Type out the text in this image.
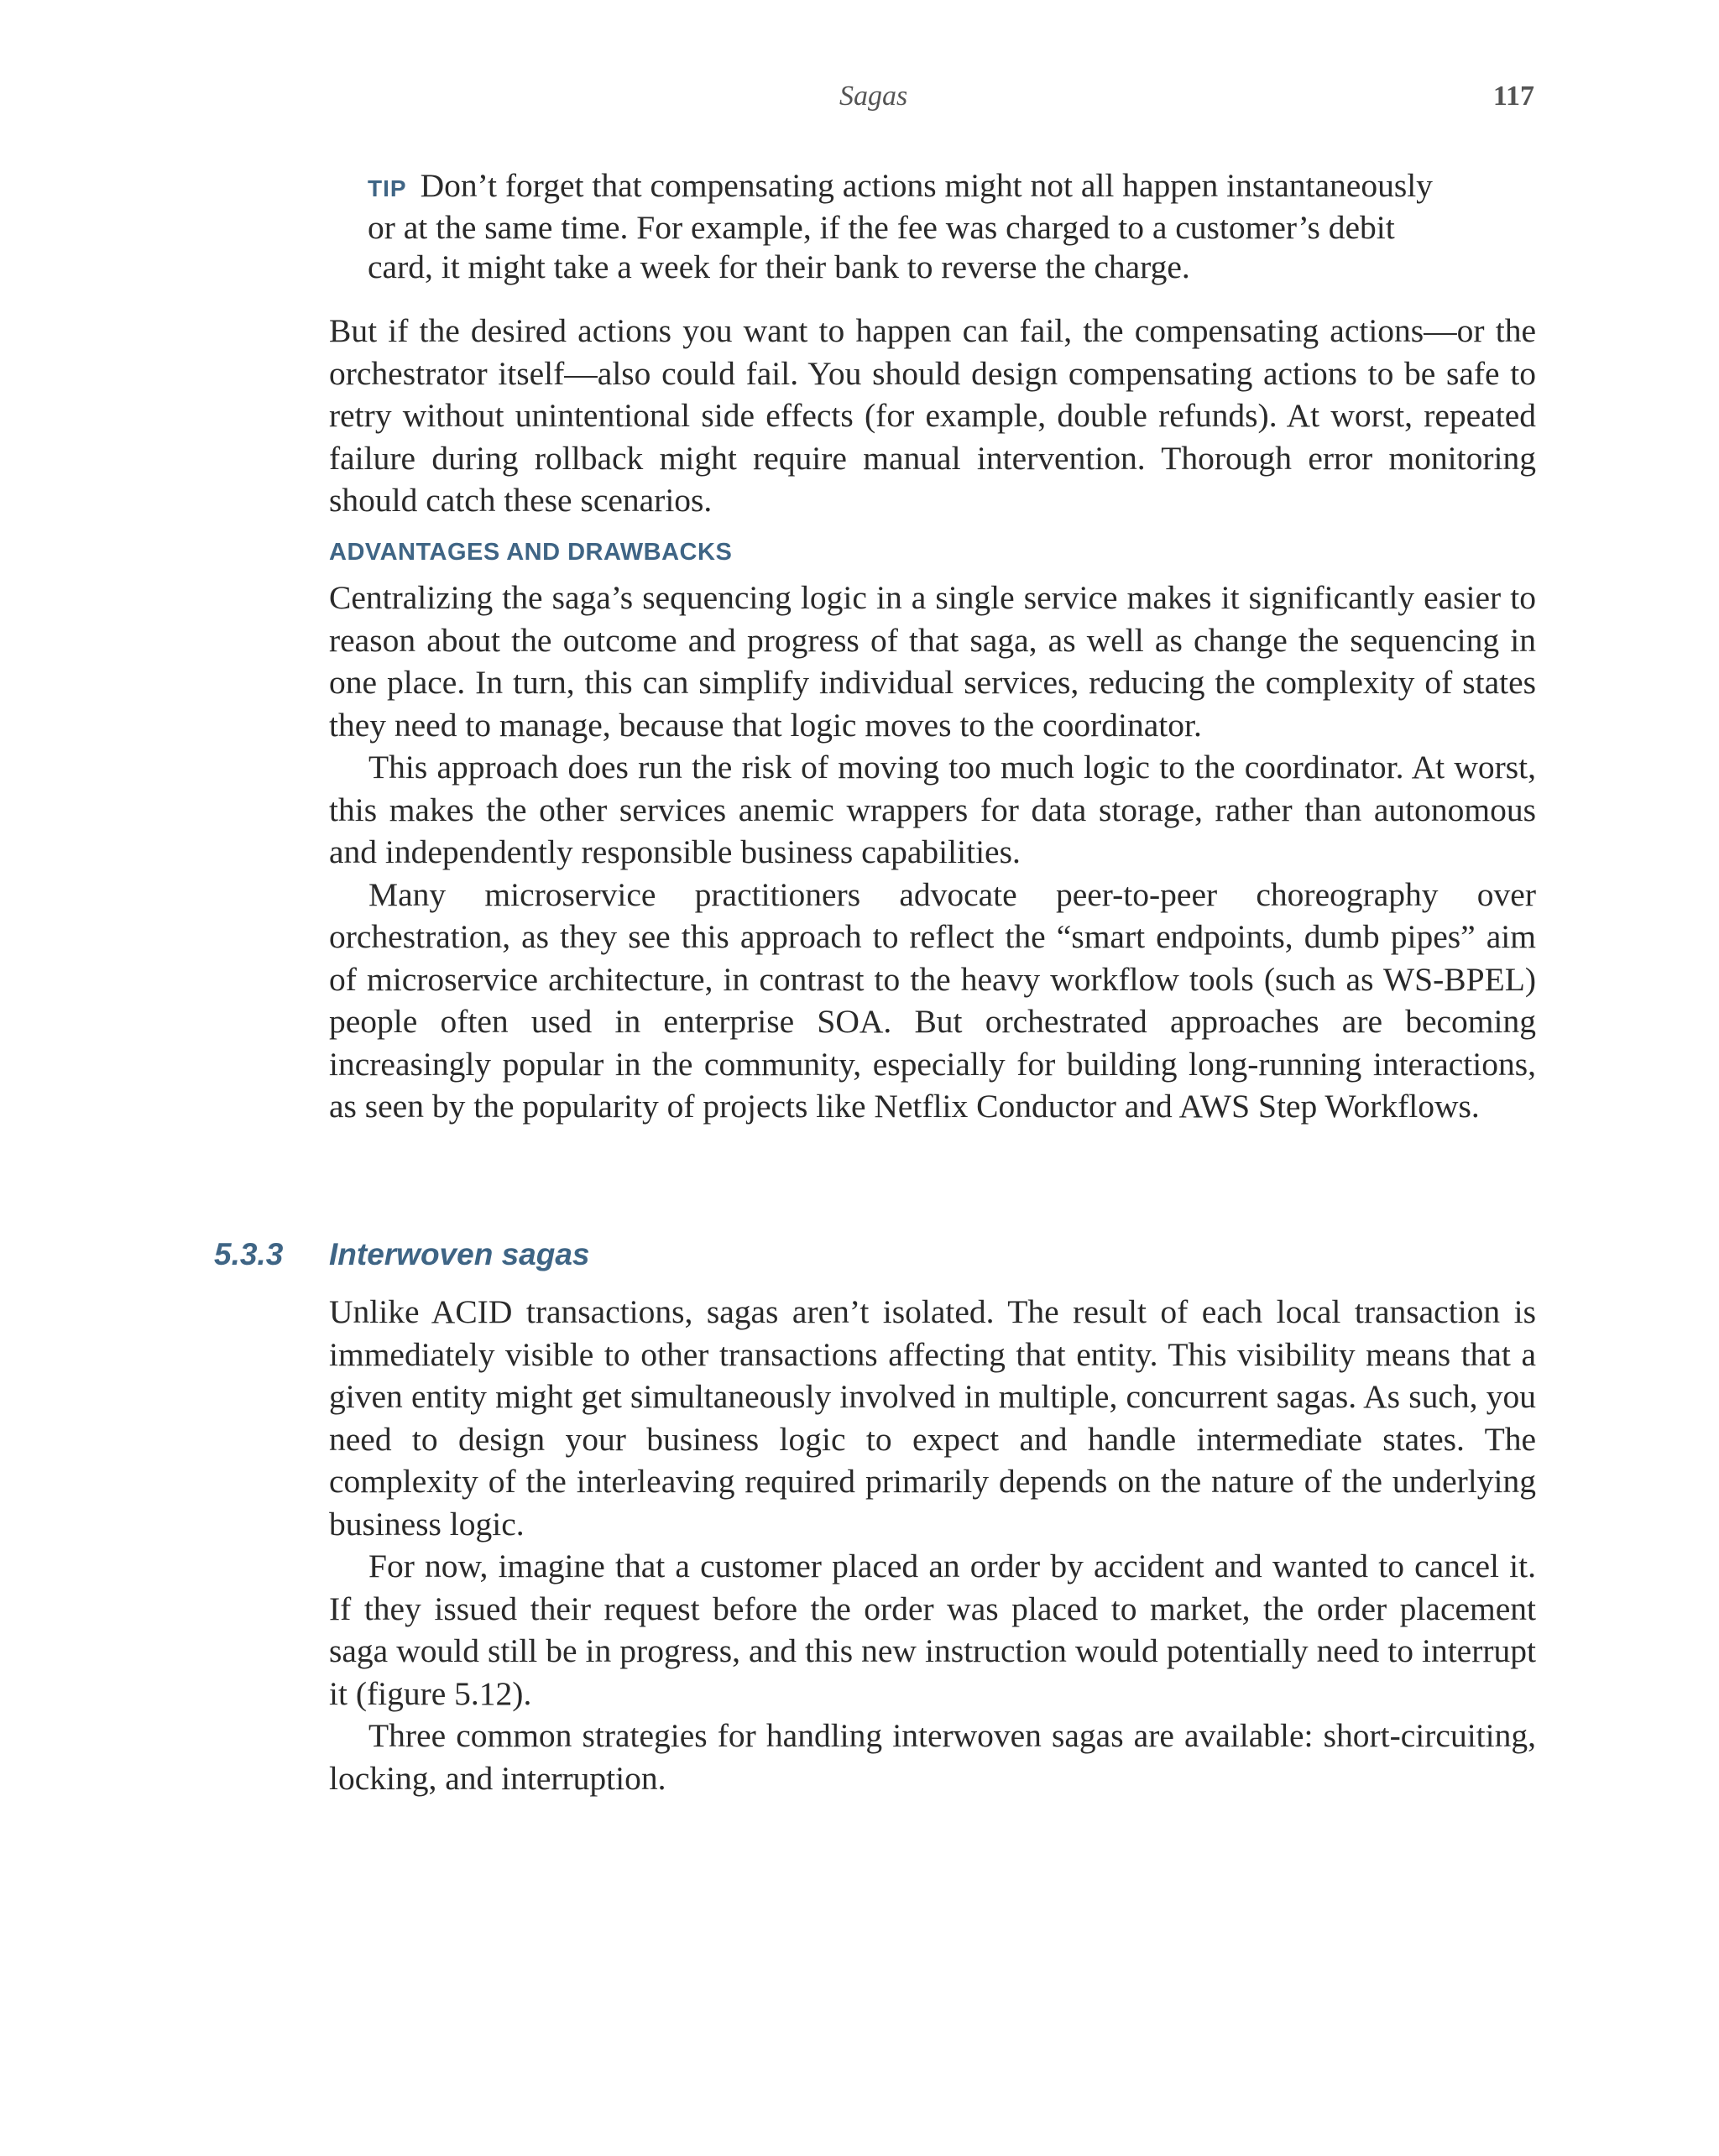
Sagas	117
TIP Don’t forget that compensating actions might not all happen instantaneously or at the same time. For example, if the fee was charged to a customer’s debit card, it might take a week for their bank to reverse the charge.

But if the desired actions you want to happen can fail, the compensating actions—or the orchestrator itself—also could fail. You should design compensating actions to be safe to retry without unintentional side effects (for example, double refunds). At worst, repeated failure during rollback might require manual intervention. Thorough error monitoring should catch these scenarios.

ADVANTAGES AND DRAWBACKS

Centralizing the saga’s sequencing logic in a single service makes it significantly easier to reason about the outcome and progress of that saga, as well as change the sequencing in one place. In turn, this can simplify individual services, reducing the complexity of states they need to manage, because that logic moves to the coordinator.

This approach does run the risk of moving too much logic to the coordinator. At worst, this makes the other services anemic wrappers for data storage, rather than autonomous and independently responsible business capabilities.

Many microservice practitioners advocate peer-to-peer choreography over orchestration, as they see this approach to reflect the “smart endpoints, dumb pipes” aim of microservice architecture, in contrast to the heavy workflow tools (such as WS-BPEL) people often used in enterprise SOA. But orchestrated approaches are becoming increasingly popular in the community, especially for building long-running interactions, as seen by the popularity of projects like Netflix Conductor and AWS Step Workflows.

5.3.3 Interwoven sagas

Unlike ACID transactions, sagas aren’t isolated. The result of each local transaction is immediately visible to other transactions affecting that entity. This visibility means that a given entity might get simultaneously involved in multiple, concurrent sagas. As such, you need to design your business logic to expect and handle intermediate states. The complexity of the interleaving required primarily depends on the nature of the underlying business logic.

For now, imagine that a customer placed an order by accident and wanted to cancel it. If they issued their request before the order was placed to market, the order placement saga would still be in progress, and this new instruction would potentially need to interrupt it (figure 5.12).

Three common strategies for handling interwoven sagas are available: short-circuiting, locking, and interruption.
